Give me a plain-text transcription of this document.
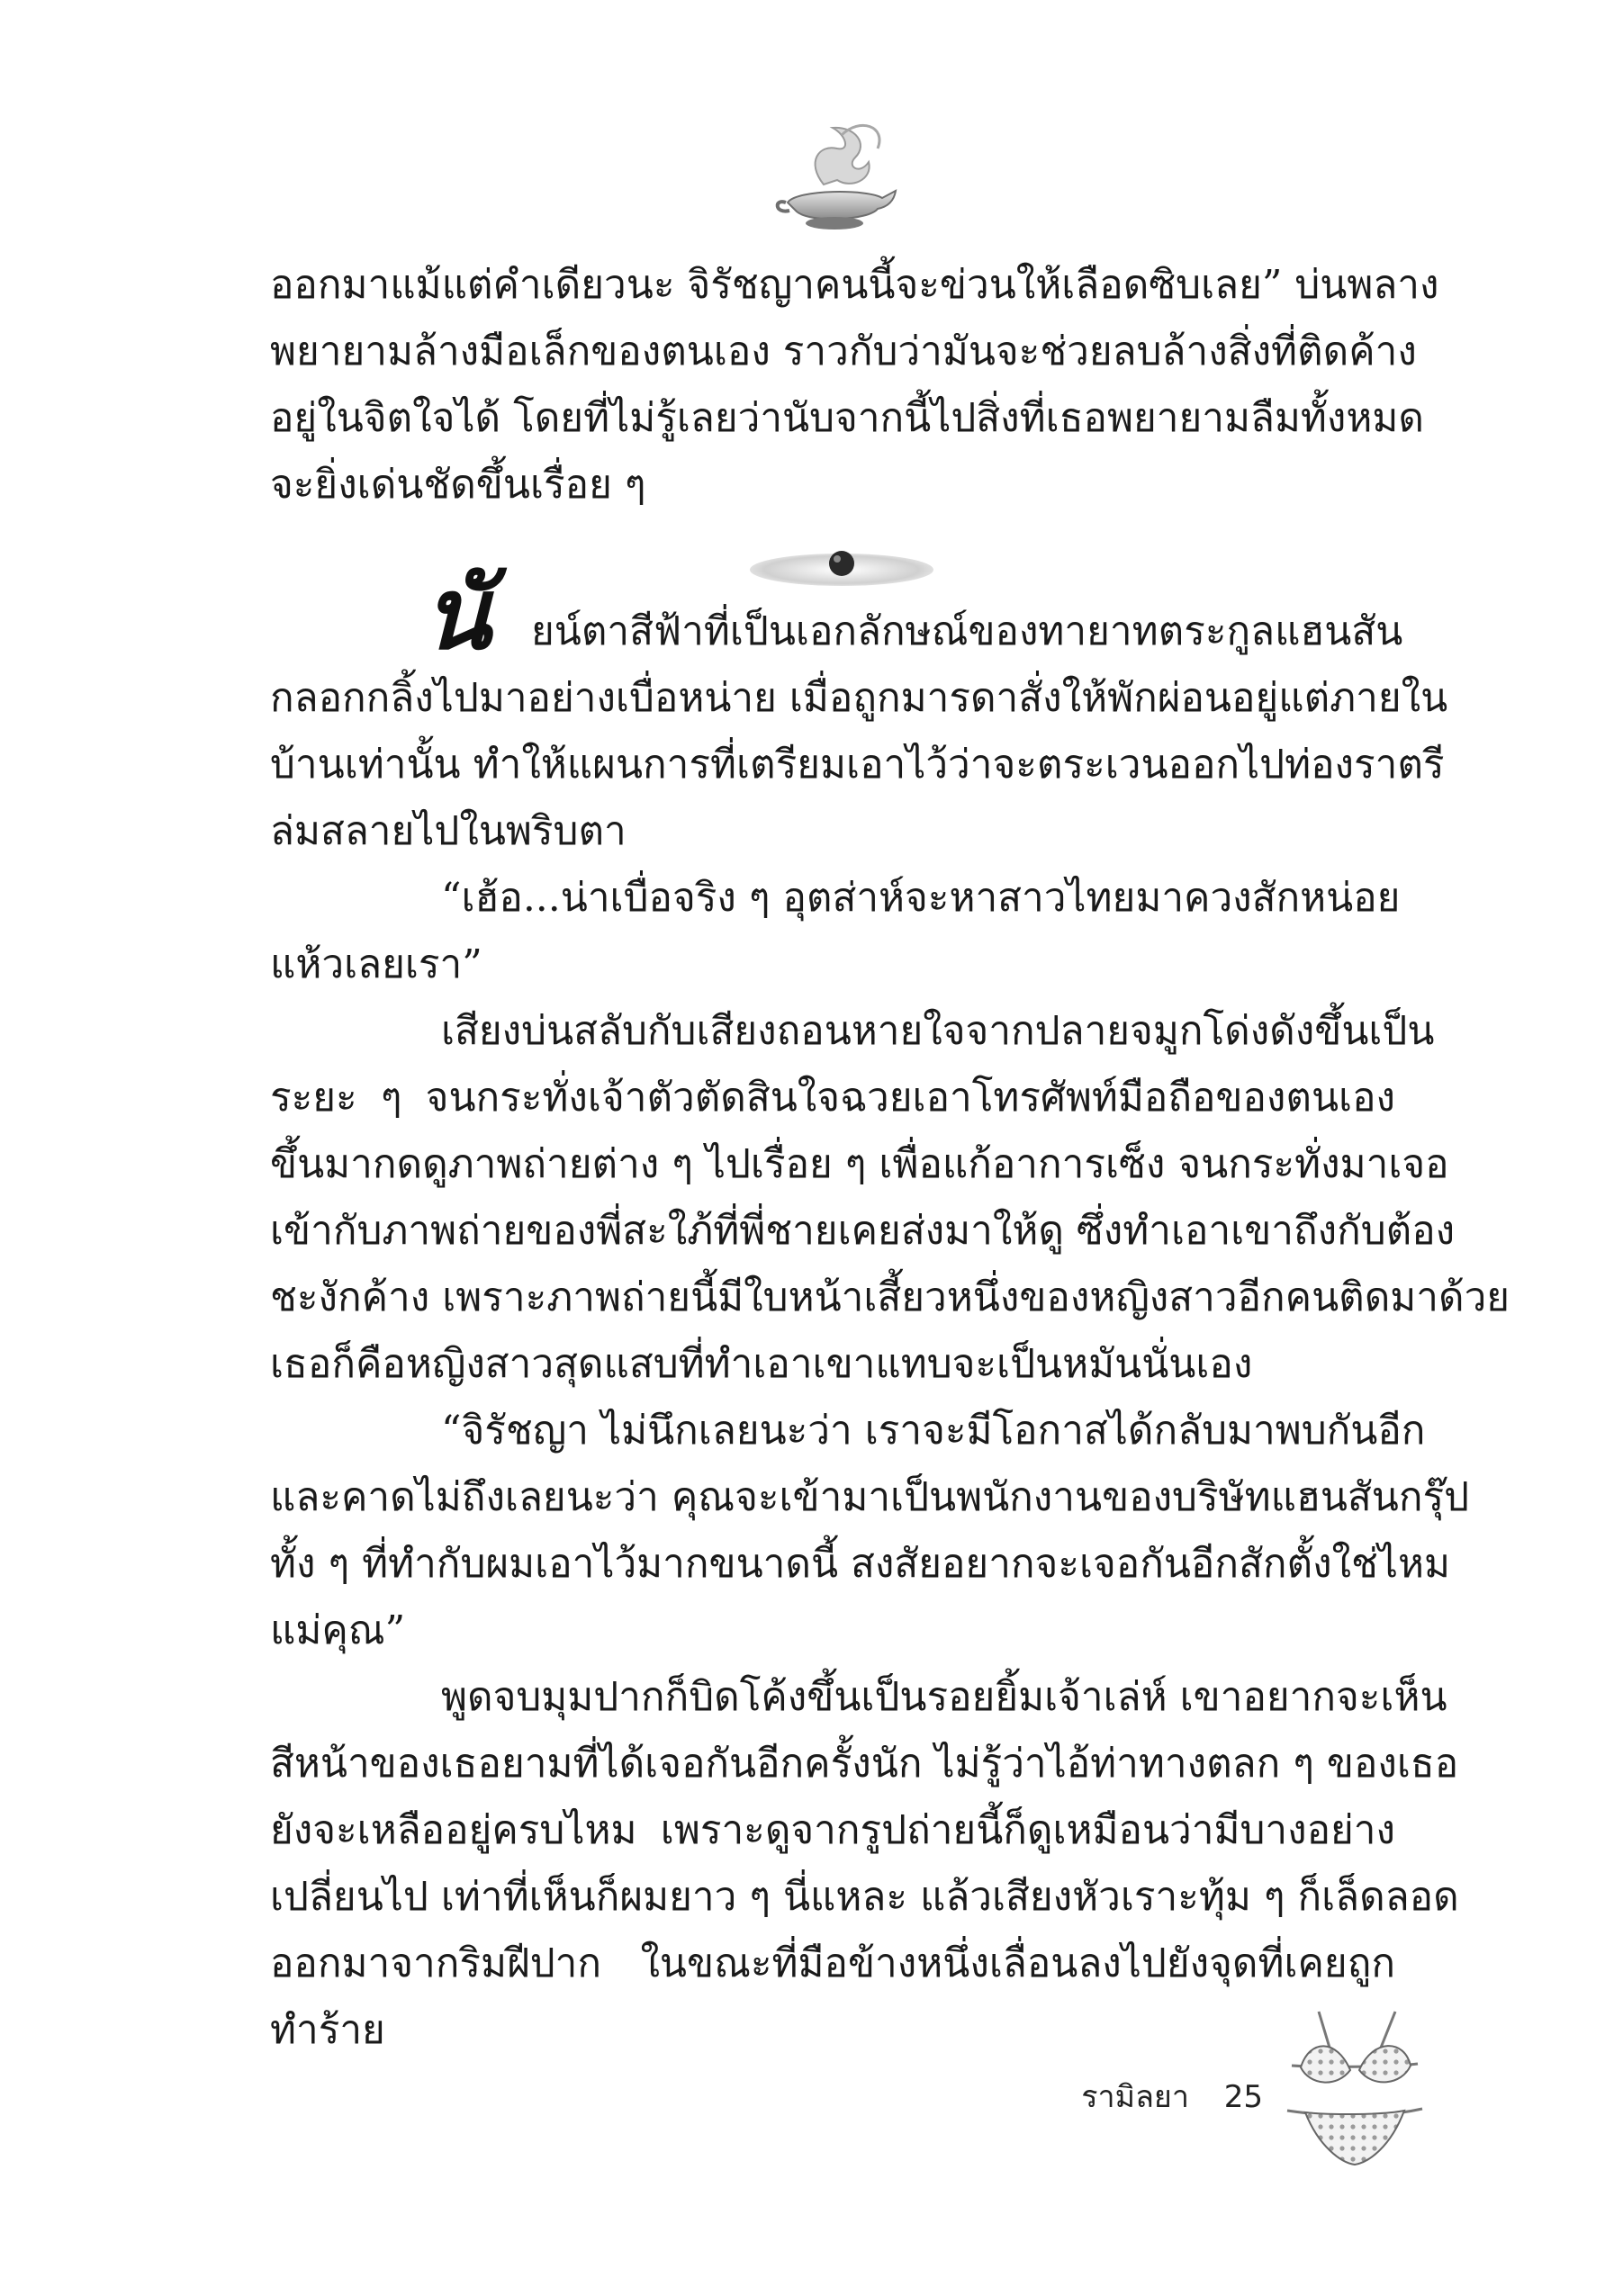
ออกมาแม้แต่คำเดียวนะ จิรัชญาคนนี้จะข่วนให้เลือดซิบเลย” บ่นพลาง
พยายามล้างมือเล็กของตนเอง ราวกับว่ามันจะช่วยลบล้างสิ่งที่ติดค้าง
อยู่ในจิตใจได้ โดยที่ไม่รู้เลยว่านับจากนี้ไปสิ่งที่เธอพยายามลืมทั้งหมด
จะยิ่งเด่นชัดขึ้นเรื่อย ๆ
นั	ยน์ตาสีฟ้าที่เป็นเอกลักษณ์ของทายาทตระกูลแฮนสัน
กลอกกลิ้งไปมาอย่างเบื่อหน่าย เมื่อถูกมารดาสั่งให้พักผ่อนอยู่แต่ภายใน
บ้านเท่านั้น ทำให้แผนการที่เตรียมเอาไว้ว่าจะตระเวนออกไปท่องราตรี
ล่มสลายไปในพริบตา
“เฮ้อ...น่าเบื่อจริง ๆ อุตส่าห์จะหาสาวไทยมาควงสักหน่อย
แห้วเลยเรา”
เสียงบ่นสลับกับเสียงถอนหายใจจากปลายจมูกโด่งดังขึ้นเป็น
ระยะ ๆ จนกระทั่งเจ้าตัวตัดสินใจฉวยเอาโทรศัพท์มือถือของตนเอง
ขึ้นมากดดูภาพถ่ายต่าง ๆ ไปเรื่อย ๆ เพื่อแก้อาการเซ็ง จนกระทั่งมาเจอ
เข้ากับภาพถ่ายของพี่สะใภ้ที่พี่ชายเคยส่งมาให้ดู ซึ่งทำเอาเขาถึงกับต้อง
ชะงักค้าง เพราะภาพถ่ายนี้มีใบหน้าเสี้ยวหนึ่งของหญิงสาวอีกคนติดมาด้วย
เธอก็คือหญิงสาวสุดแสบที่ทำเอาเขาแทบจะเป็นหมันนั่นเอง
“จิรัชญา ไม่นึกเลยนะว่า เราจะมีโอกาสได้กลับมาพบกันอีก
และคาดไม่ถึงเลยนะว่า คุณจะเข้ามาเป็นพนักงานของบริษัทแฮนสันกรุ๊ป
ทั้ง ๆ ที่ทำกับผมเอาไว้มากขนาดนี้ สงสัยอยากจะเจอกันอีกสักตั้งใช่ไหม
แม่คุณ”
พูดจบมุมปากก็บิดโค้งขึ้นเป็นรอยยิ้มเจ้าเล่ห์ เขาอยากจะเห็น
สีหน้าของเธอยามที่ได้เจอกันอีกครั้งนัก ไม่รู้ว่าไอ้ท่าทางตลก ๆ ของเธอ
ยังจะเหลืออยู่ครบไหม เพราะดูจากรูปถ่ายนี้ก็ดูเหมือนว่ามีบางอย่าง
เปลี่ยนไป เท่าที่เห็นก็ผมยาว ๆ นี่แหละ แล้วเสียงหัวเราะทุ้ม ๆ ก็เล็ดลอด
ออกมาจากริมฝีปาก ในขณะที่มือข้างหนึ่งเลื่อนลงไปยังจุดที่เคยถูก
ทำร้าย
รามิลยา 25
